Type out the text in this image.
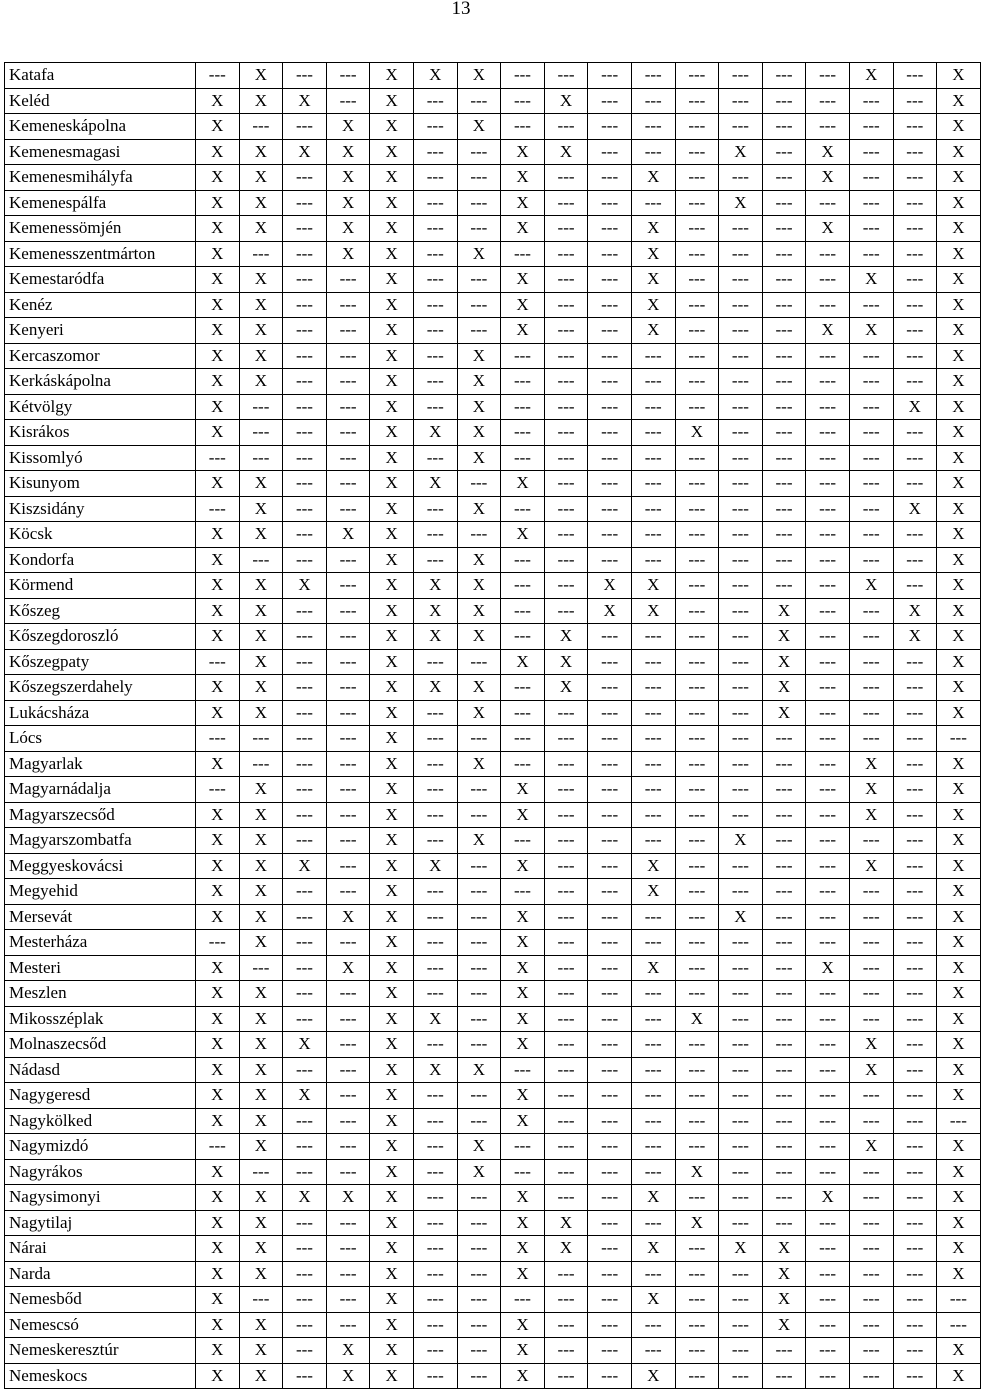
13
Katafa	---	X	---	---	X	X	X	---	---	---	---	---	---	---	---	X	---	X
Keléd	X	X	X	---	X	---	---	---	X	---	---	---	---	---	---	---	---	X
Kemeneskápolna	X	---	---	X	X	---	X	---	---	---	---	---	---	---	---	---	---	X
Kemenesmagasi	X	X	X	X	X	---	---	X	X	---	---	---	X	---	X	---	---	X
Kemenesmihályfa	X	X	---	X	X	---	---	X	---	---	X	---	---	---	X	---	---	X
Kemenespálfa	X	X	---	X	X	---	---	X	---	---	---	---	X	---	---	---	---	X
Kemenessömjén	X	X	---	X	X	---	---	X	---	---	X	---	---	---	X	---	---	X
Kemenesszentmárton	X	---	---	X	X	---	X	---	---	---	X	---	---	---	---	---	---	X
Kemestaródfa	X	X	---	---	X	---	---	X	---	---	X	---	---	---	---	X	---	X
Kenéz	X	X	---	---	X	---	---	X	---	---	X	---	---	---	---	---	---	X
Kenyeri	X	X	---	---	X	---	---	X	---	---	X	---	---	---	X	X	---	X
Kercaszomor	X	X	---	---	X	---	X	---	---	---	---	---	---	---	---	---	---	X
Kerkáskápolna	X	X	---	---	X	---	X	---	---	---	---	---	---	---	---	---	---	X
Kétvölgy	X	---	---	---	X	---	X	---	---	---	---	---	---	---	---	---	X	X
Kisrákos	X	---	---	---	X	X	X	---	---	---	---	X	---	---	---	---	---	X
Kissomlyó	---	---	---	---	X	---	X	---	---	---	---	---	---	---	---	---	---	X
Kisunyom	X	X	---	---	X	X	---	X	---	---	---	---	---	---	---	---	---	X
Kiszsidány	---	X	---	---	X	---	X	---	---	---	---	---	---	---	---	---	X	X
Köcsk	X	X	---	X	X	---	---	X	---	---	---	---	---	---	---	---	---	X
Kondorfa	X	---	---	---	X	---	X	---	---	---	---	---	---	---	---	---	---	X
Körmend	X	X	X	---	X	X	X	---	---	X	X	---	---	---	---	X	---	X
Kőszeg	X	X	---	---	X	X	X	---	---	X	X	---	---	X	---	---	X	X
Kőszegdoroszló	X	X	---	---	X	X	X	---	X	---	---	---	---	X	---	---	X	X
Kőszegpaty	---	X	---	---	X	---	---	X	X	---	---	---	---	X	---	---	---	X
Kőszegszerdahely	X	X	---	---	X	X	X	---	X	---	---	---	---	X	---	---	---	X
Lukácsháza	X	X	---	---	X	---	X	---	---	---	---	---	---	X	---	---	---	X
Lócs	---	---	---	---	X	---	---	---	---	---	---	---	---	---	---	---	---	---
Magyarlak	X	---	---	---	X	---	X	---	---	---	---	---	---	---	---	X	---	X
Magyarnádalja	---	X	---	---	X	---	---	X	---	---	---	---	---	---	---	X	---	X
Magyarszecsőd	X	X	---	---	X	---	---	X	---	---	---	---	---	---	---	X	---	X
Magyarszombatfa	X	X	---	---	X	---	X	---	---	---	---	---	X	---	---	---	---	X
Meggyeskovácsi	X	X	X	---	X	X	---	X	---	---	X	---	---	---	---	X	---	X
Megyehid	X	X	---	---	X	---	---	---	---	---	X	---	---	---	---	---	---	X
Mersevát	X	X	---	X	X	---	---	X	---	---	---	---	X	---	---	---	---	X
Mesterháza	---	X	---	---	X	---	---	X	---	---	---	---	---	---	---	---	---	X
Mesteri	X	---	---	X	X	---	---	X	---	---	X	---	---	---	X	---	---	X
Meszlen	X	X	---	---	X	---	---	X	---	---	---	---	---	---	---	---	---	X
Mikosszéplak	X	X	---	---	X	X	---	X	---	---	---	X	---	---	---	---	---	X
Molnaszecsőd	X	X	X	---	X	---	---	X	---	---	---	---	---	---	---	X	---	X
Nádasd	X	X	---	---	X	X	X	---	---	---	---	---	---	---	---	X	---	X
Nagygeresd	X	X	X	---	X	---	---	X	---	---	---	---	---	---	---	---	---	X
Nagykölked	X	X	---	---	X	---	---	X	---	---	---	---	---	---	---	---	---	---
Nagymizdó	---	X	---	---	X	---	X	---	---	---	---	---	---	---	---	X	---	X
Nagyrákos	X	---	---	---	X	---	X	---	---	---	---	X	---	---	---	---	---	X
Nagysimonyi	X	X	X	X	X	---	---	X	---	---	X	---	---	---	X	---	---	X
Nagytilaj	X	X	---	---	X	---	---	X	X	---	---	X	---	---	---	---	---	X
Nárai	X	X	---	---	X	---	---	X	X	---	X	---	X	X	---	---	---	X
Narda	X	X	---	---	X	---	---	X	---	---	---	---	---	X	---	---	---	X
Nemesbőd	X	---	---	---	X	---	---	---	---	---	X	---	---	X	---	---	---	---
Nemescsó	X	X	---	---	X	---	---	X	---	---	---	---	---	X	---	---	---	---
Nemeskeresztúr	X	X	---	X	X	---	---	X	---	---	---	---	---	---	---	---	---	X
Nemeskocs	X	X	---	X	X	---	---	X	---	---	X	---	---	---	---	---	---	X
